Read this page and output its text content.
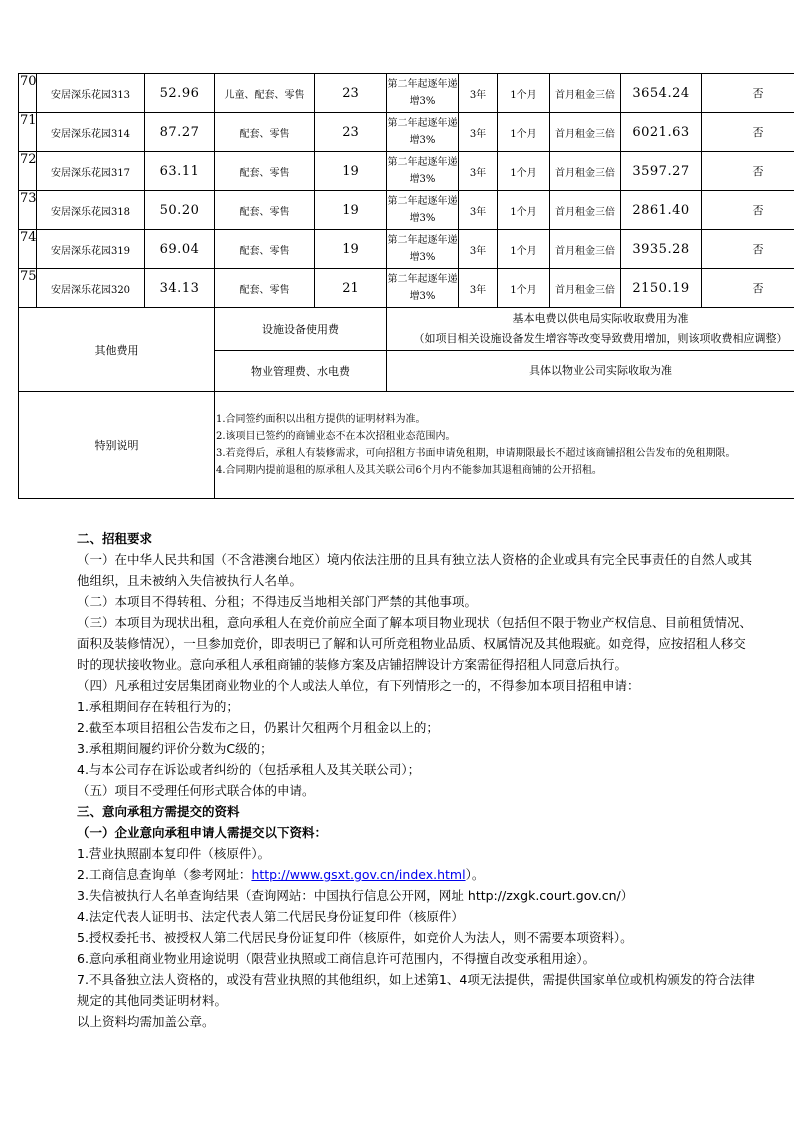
70	安居深乐花园313	52.96	儿童、配套、零售	23	第二年起逐年递增3%	3年	1个月	首月租金三倍	3654.24	否
71	安居深乐花园314	87.27	配套、零售	23	第二年起逐年递增3%	3年	1个月	首月租金三倍	6021.63	否
72	安居深乐花园317	63.11	配套、零售	19	第二年起逐年递增3%	3年	1个月	首月租金三倍	3597.27	否
73	安居深乐花园318	50.20	配套、零售	19	第二年起逐年递增3%	3年	1个月	首月租金三倍	2861.40	否
74	安居深乐花园319	69.04	配套、零售	19	第二年起逐年递增3%	3年	1个月	首月租金三倍	3935.28	否
75	安居深乐花园320	34.13	配套、零售	21	第二年起逐年递增3%	3年	1个月	首月租金三倍	2150.19	否
其他费用			设施设备使用费		基本电费以供电局实际收取费用为准
（如项目相关设施设备发生增容等改变导致费用增加，则该项收费相应调整）					

			物业管理费、水电费		具体以物业公司实际收取为准					
特别说明			1.合同签约面积以出租方提供的证明材料为准。
2.该项目已签约的商铺业态不在本次招租业态范围内。
3.若竞得后，承租人有装修需求，可向招租方书面申请免租期，申请期限最长不超过该商铺招租公告发布的免租期限。
4.合同期内提前退租的原承租人及其关联公司6个月内不能参加其退租商铺的公开招租。							

二、招租要求

（一）在中华人民共和国（不含港澳台地区）境内依法注册的且具有独立法人资格的企业或具有完全民事责任的自然人或其他组织，且未被纳入失信被执行人名单。

（二）本项目不得转租、分租；不得违反当地相关部门严禁的其他事项。

（三）本项目为现状出租，意向承租人在竞价前应全面了解本项目物业现状（包括但不限于物业产权信息、目前租赁情况、面积及装修情况），一旦参加竞价，即表明已了解和认可所竞租物业品质、权属情况及其他瑕疵。如竞得，应按招租人移交时的现状接收物业。意向承租人承租商铺的装修方案及店铺招牌设计方案需征得招租人同意后执行。

（四）凡承租过安居集团商业物业的个人或法人单位，有下列情形之一的，不得参加本项目招租申请：

1.承租期间存在转租行为的；

2.截至本项目招租公告发布之日，仍累计欠租两个月租金以上的；

3.承租期间履约评价分数为C级的；

4.与本公司存在诉讼或者纠纷的（包括承租人及其关联公司）；

（五）项目不受理任何形式联合体的申请。

三、意向承租方需提交的资料

（一）企业意向承租申请人需提交以下资料：

1.营业执照副本复印件（核原件）。

2.工商信息查询单（参考网址：http://www.gsxt.gov.cn/index.html）。

3.失信被执行人名单查询结果（查询网站：中国执行信息公开网，网址 http://zxgk.court.gov.cn/）

4.法定代表人证明书、法定代表人第二代居民身份证复印件（核原件）

5.授权委托书、被授权人第二代居民身份证复印件（核原件，如竞价人为法人，则不需要本项资料）。

6.意向承租商业物业用途说明（限营业执照或工商信息许可范围内，不得擅自改变承租用途）。

7.不具备独立法人资格的，或没有营业执照的其他组织，如上述第1、4项无法提供，需提供国家单位或机构颁发的符合法律规定的其他同类证明材料。

以上资料均需加盖公章。
